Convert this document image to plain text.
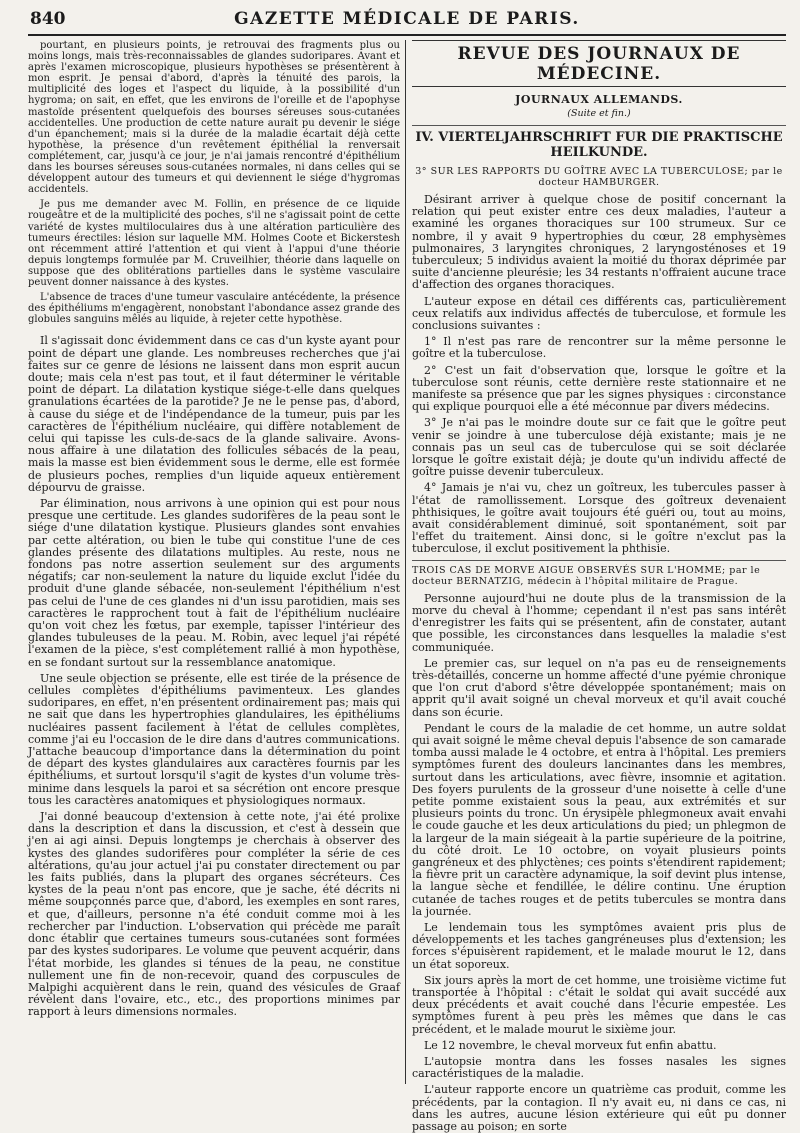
840	GAZETTE MÉDICALE DE PARIS.

pourtant, en plusieurs points, je retrouvai des fragments plus ou moins longs, mais très-reconnaissables de glandes sudoripares. Avant et après l'examen microscopique, plusieurs hypothèses se présentèrent à mon esprit. Je pensai d'abord, d'après la ténuité des parois, la multiplicité des loges et l'aspect du liquide, à la possibilité d'un hygroma; on sait, en effet, que les environs de l'oreille et de l'apophyse mastoïde présentent quelquefois des bourses séreuses sous-cutanées accidentelles. Une production de cette nature aurait pu devenir le siége d'un épanchement; mais si la durée de la maladie écartait déjà cette hypothèse, la présence d'un revêtement épithélial la renversait complétement, car, jusqu'à ce jour, je n'ai jamais rencontré d'épithélium dans les bourses séreuses sous-cutanées normales, ni dans celles qui se développent autour des tumeurs et qui deviennent le siége d'hygromas accidentels.

Je pus me demander avec M. Follin, en présence de ce liquide rougeâtre et de la multiplicité des poches, s'il ne s'agissait point de cette variété de kystes multiloculaires dus à une altération particulière des tumeurs érectiles: lésion sur laquelle MM. Holmes Coote et Bickerstesh ont récemment attiré l'attention et qui vient à l'appui d'une théorie depuis longtemps formulée par M. Cruveilhier, théorie dans laquelle on suppose que des oblitérations partielles dans le système vasculaire peuvent donner naissance à des kystes.

L'absence de traces d'une tumeur vasculaire antécédente, la présence des épithéliums m'engagèrent, nonobstant l'abondance assez grande des globules sanguins mêlés au liquide, à rejeter cette hypothèse.

Il s'agissait donc évidemment dans ce cas d'un kyste ayant pour point de départ une glande. Les nombreuses recherches que j'ai faites sur ce genre de lésions ne laissent dans mon esprit aucun doute; mais cela n'est pas tout, et il faut déterminer le véritable point de départ. La dilatation kystique siége-t-elle dans quelques granulations écartées de la parotide? Je ne le pense pas, d'abord, à cause du siége et de l'indépendance de la tumeur, puis par les caractères de l'épithélium nucléaire, qui diffère notablement de celui qui tapisse les culs-de-sacs de la glande salivaire. Avons-nous affaire à une dilatation des follicules sébacés de la peau, mais la masse est bien évidemment sous le derme, elle est formée de plusieurs poches, remplies d'un liquide aqueux entièrement dépourvu de graisse.

Par élimination, nous arrivons à une opinion qui est pour nous presque une certitude. Les glandes sudorifères de la peau sont le siége d'une dilatation kystique. Plusieurs glandes sont envahies par cette altération, ou bien le tube qui constitue l'une de ces glandes présente des dilatations multiples. Au reste, nous ne fondons pas notre assertion seulement sur des arguments négatifs; car non-seulement la nature du liquide exclut l'idée du produit d'une glande sébacée, non-seulement l'épithélium n'est pas celui de l'une de ces glandes ni d'un issu parotidien, mais ses caractères le rapprochent tout à fait de l'épithélium nucléaire qu'on voit chez les fœtus, par exemple, tapisser l'intérieur des glandes tubuleuses de la peau. M. Robin, avec lequel j'ai répété l'examen de la pièce, s'est complétement rallié à mon hypothèse, en se fondant surtout sur la ressemblance anatomique.

Une seule objection se présente, elle est tirée de la présence de cellules complètes d'épithéliums pavimenteux. Les glandes sudoripares, en effet, n'en présentent ordinairement pas; mais qui ne sait que dans les hypertrophies glandulaires, les épithéliums nucléaires passent facilement à l'état de cellules complètes, comme j'ai eu l'occasion de le dire dans d'autres communications. J'attache beaucoup d'importance dans la détermination du point de départ des kystes glandulaires aux caractères fournis par les épithéliums, et surtout lorsqu'il s'agit de kystes d'un volume très-minime dans lesquels la paroi et sa sécrétion ont encore presque tous les caractères anatomiques et physiologiques normaux.

J'ai donné beaucoup d'extension à cette note, j'ai été prolixe dans la description et dans la discussion, et c'est à dessein que j'en ai agi ainsi. Depuis longtemps je cherchais à observer des kystes des glandes sudorifères pour compléter la série de ces altérations, qu'au jour actuel j'ai pu constater directement ou par les faits publiés, dans la plupart des organes sécréteurs. Ces kystes de la peau n'ont pas encore, que je sache, été décrits ni même soupçonnés parce que, d'abord, les exemples en sont rares, et que, d'ailleurs, personne n'a été conduit comme moi à les rechercher par l'induction. L'observation qui précède me paraît donc établir que certaines tumeurs sous-cutanées sont formées par des kystes sudoripares. Le volume que peuvent acquérir, dans l'état morbide, les glandes si ténues de la peau, ne constitue nullement une fin de non-recevoir, quand des corpuscules de Malpighi acquièrent dans le rein, quand des vésicules de Graaf révèlent dans l'ovaire, etc., etc., des proportions minimes par rapport à leurs dimensions normales.

REVUE DES JOURNAUX DE MÉDECINE.
JOURNAUX ALLEMANDS.
(Suite et fin.)
IV. VIERTELJAHRSCHRIFT FUR DIE PRAKTISCHE HEILKUNDE.
3° SUR LES RAPPORTS DU GOÎTRE AVEC LA TUBERCULOSE; par le docteur HAMBURGER.

Désirant arriver à quelque chose de positif concernant la relation qui peut exister entre ces deux maladies, l'auteur a examiné les organes thoraciques sur 100 strumeux. Sur ce nombre, il y avait 9 hypertrophies du cœur, 28 emphysèmes pulmonaires, 3 laryngites chroniques, 2 laryngosténoses et 19 tuberculeux; 5 individus avaient la moitié du thorax déprimée par suite d'ancienne pleurésie; les 34 restants n'offraient aucune trace d'affection des organes thoraciques.

L'auteur expose en détail ces différents cas, particulièrement ceux relatifs aux individus affectés de tuberculose, et formule les conclusions suivantes :

1° Il n'est pas rare de rencontrer sur la même personne le goître et la tuberculose.

2° C'est un fait d'observation que, lorsque le goître et la tuberculose sont réunis, cette dernière reste stationnaire et ne manifeste sa présence que par les signes physiques : circonstance qui explique pourquoi elle a été méconnue par divers médecins.

3° Je n'ai pas le moindre doute sur ce fait que le goître peut venir se joindre à une tuberculose déjà existante; mais je ne connais pas un seul cas de tuberculose qui se soit déclarée lorsque le goître existait déjà; je doute qu'un individu affecté de goître puisse devenir tuberculeux.

4° Jamais je n'ai vu, chez un goîtreux, les tubercules passer à l'état de ramollissement. Lorsque des goîtreux devenaient phthisiques, le goître avait toujours été guéri ou, tout au moins, avait considérablement diminué, soit spontanément, soit par l'effet du traitement. Ainsi donc, si le goître n'exclut pas la tuberculose, il exclut positivement la phthisie.

TROIS CAS DE MORVE AIGUE OBSERVÉS SUR L'HOMME; par le docteur BERNATZIG, médecin à l'hôpital militaire de Prague.

Personne aujourd'hui ne doute plus de la transmission de la morve du cheval à l'homme; cependant il n'est pas sans intérêt d'enregistrer les faits qui se présentent, afin de constater, autant que possible, les circonstances dans lesquelles la maladie s'est communiquée.

Le premier cas, sur lequel on n'a pas eu de renseignements très-détaillés, concerne un homme affecté d'une pyémie chronique que l'on crut d'abord s'être développée spontanément; mais on apprit qu'il avait soigné un cheval morveux et qu'il avait couché dans son écurie.

Pendant le cours de la maladie de cet homme, un autre soldat qui avait soigné le même cheval depuis l'absence de son camarade tomba aussi malade le 4 octobre, et entra à l'hôpital. Les premiers symptômes furent des douleurs lancinantes dans les membres, surtout dans les articulations, avec fièvre, insomnie et agitation. Des foyers purulents de la grosseur d'une noisette à celle d'une petite pomme existaient sous la peau, aux extrémités et sur plusieurs points du tronc. Un érysipèle phlegmoneux avait envahi le coude gauche et les deux articulations du pied; un phlegmon de la largeur de la main siégeait à la partie supérieure de la poitrine, du côté droit. Le 10 octobre, on voyait plusieurs points gangréneux et des phlyctènes; ces points s'étendirent rapidement; la fièvre prit un caractère adynamique, la soif devint plus intense, la langue sèche et fendillée, le délire continu. Une éruption cutanée de taches rouges et de petits tubercules se montra dans la journée.

Le lendemain tous les symptômes avaient pris plus de développements et les taches gangréneuses plus d'extension; les forces s'épuisèrent rapidement, et le malade mourut le 12, dans un état soporeux.

Six jours après la mort de cet homme, une troisième victime fut transportée à l'hôpital : c'était le soldat qui avait succédé aux deux précédents et avait couché dans l'écurie empestée. Les symptômes furent à peu près les mêmes que dans le cas précédent, et le malade mourut le sixième jour.

Le 12 novembre, le cheval morveux fut enfin abattu.

L'autopsie montra dans les fosses nasales les signes caractéristiques de la maladie.

L'auteur rapporte encore un quatrième cas produit, comme les précédents, par la contagion. Il n'y avait eu, ni dans ce cas, ni dans les autres, aucune lésion extérieure qui eût pu donner passage au poison; en sorte
